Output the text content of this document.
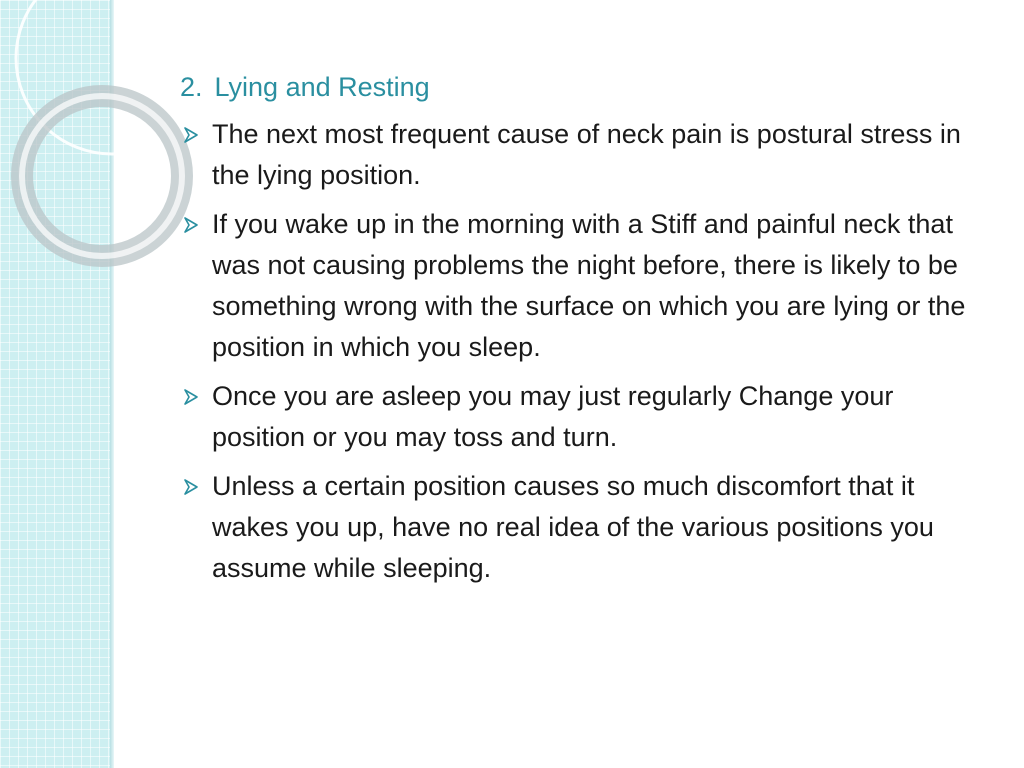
2. Lying and Resting
The next most frequent cause of neck pain is postural stress in the lying position.
If you wake up in the morning with a Stiff and painful neck that was not causing problems the night before, there is likely to be something wrong with the surface on which you are lying or the position in which you sleep.
Once you are asleep you may just regularly Change your position or you may toss and turn.
Unless a certain position causes so much discomfort that it wakes you up, have no real idea of the various positions you assume while sleeping.
